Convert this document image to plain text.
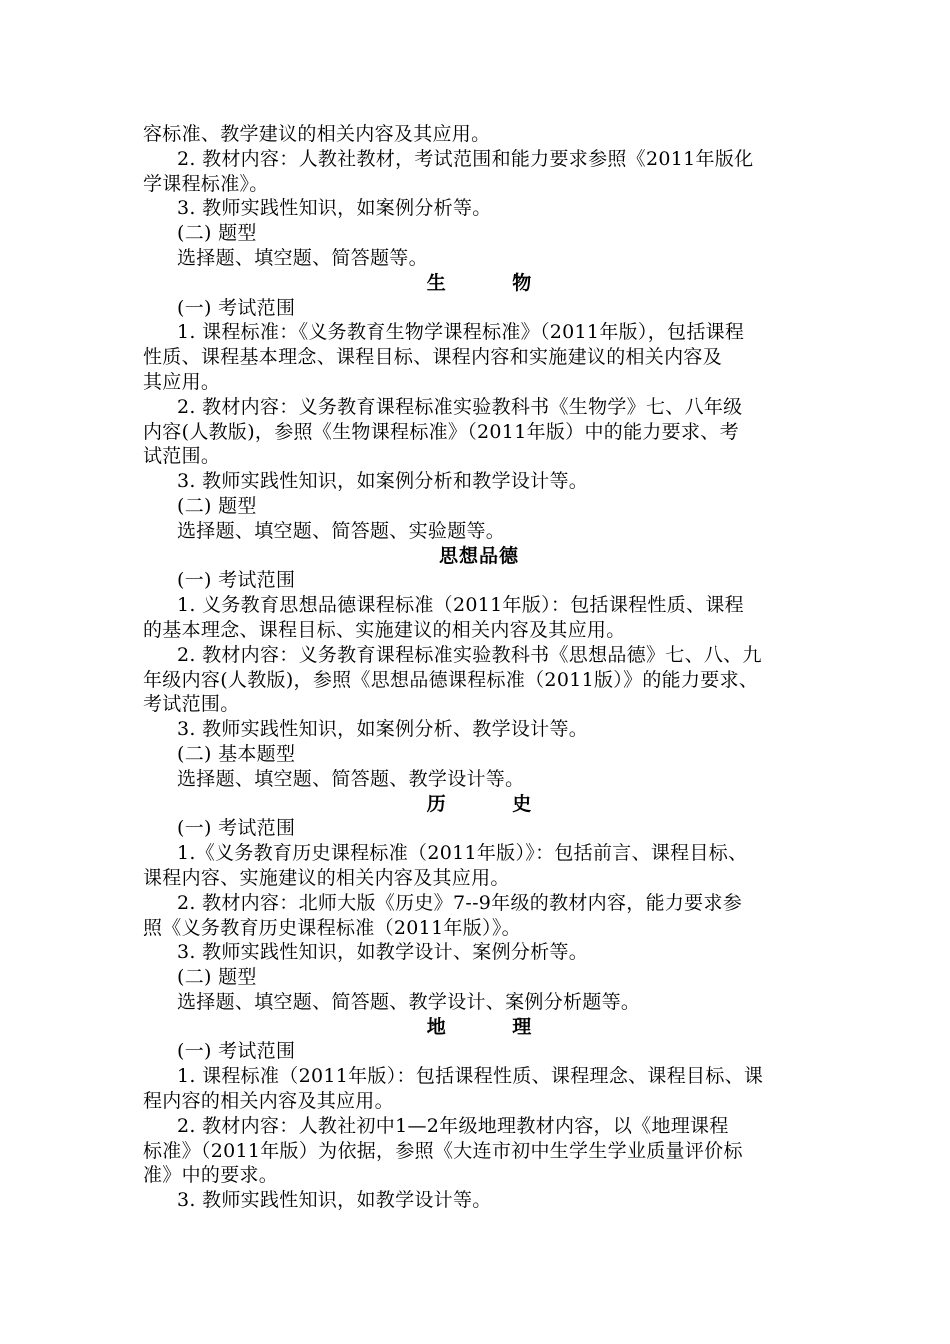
容标准、教学建议的相关内容及其应用。
2. 教材内容：人教社教材，考试范围和能力要求参照《2011年版化
学课程标准》。
3. 教师实践性知识，如案例分析等。
(二) 题型
选择题、填空题、简答题等。
生 物
(一) 考试范围
1. 课程标准：《义务教育生物学课程标准》（2011年版），包括课程
性质、课程基本理念、课程目标、课程内容和实施建议的相关内容及
其应用。
2. 教材内容：义务教育课程标准实验教科书《生物学》七、八年级
内容(人教版)，参照《生物课程标准》（2011年版）中的能力要求、考
试范围。
3. 教师实践性知识，如案例分析和教学设计等。
(二) 题型
选择题、填空题、简答题、实验题等。
思想品德
(一) 考试范围
1. 义务教育思想品德课程标准（2011年版）：包括课程性质、课程
的基本理念、课程目标、实施建议的相关内容及其应用。
2. 教材内容：义务教育课程标准实验教科书《思想品德》七、八、九
年级内容(人教版)，参照《思想品德课程标准（2011版）》的能力要求、
考试范围。
3. 教师实践性知识，如案例分析、教学设计等。
(二) 基本题型
选择题、填空题、简答题、教学设计等。
历 史
(一) 考试范围
1.《义务教育历史课程标准（2011年版）》：包括前言、课程目标、
课程内容、实施建议的相关内容及其应用。
2. 教材内容：北师大版《历史》7--9年级的教材内容，能力要求参
照《义务教育历史课程标准（2011年版）》。
3. 教师实践性知识，如教学设计、案例分析等。
(二) 题型
选择题、填空题、简答题、教学设计、案例分析题等。
地 理
(一) 考试范围
1. 课程标准（2011年版）：包括课程性质、课程理念、课程目标、课
程内容的相关内容及其应用。
2. 教材内容：人教社初中1—2年级地理教材内容，以《地理课程
标准》（2011年版）为依据，参照《大连市初中生学生学业质量评价标
准》中的要求。
3. 教师实践性知识，如教学设计等。
